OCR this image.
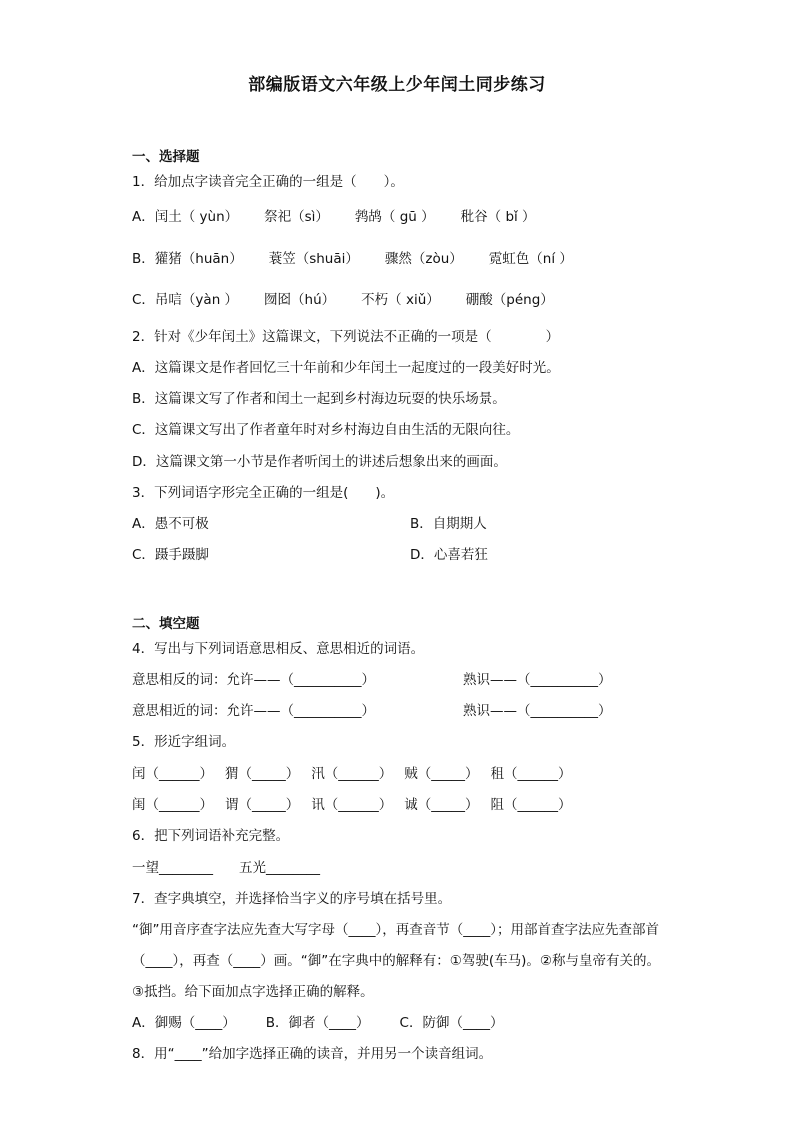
部编版语文六年级上少年闰土同步练习
一、选择题
1．给加点字读音完全正确的一组是（　　）。
A．闰土（ yùn） 祭祀（sì） 鹁鸪（ gū ） 秕谷（ bǐ ）
B．獾猪（huān） 蓑笠（shuāi） 骤然（zòu） 霓虹色（ní ）
C．吊唁（yàn ） 囫囵（hú） 不朽（ xiǔ） 硼酸（péng）
2．针对《少年闰土》这篇课文，下列说法不正确的一项是（　　　　）
A．这篇课文是作者回忆三十年前和少年闰土一起度过的一段美好时光。
B．这篇课文写了作者和闰土一起到乡村海边玩耍的快乐场景。
C．这篇课文写出了作者童年时对乡村海边自由生活的无限向往。
D．这篇课文第一小节是作者听闰土的讲述后想象出来的画面。
3．下列词语字形完全正确的一组是(　　)。
A．愚不可极	B．自期期人
C．蹑手蹑脚	D．心喜若狂
二、填空题
4．写出与下列词语意思相反、意思相近的词语。
意思相反的词：允许——（__________）	熟识——（__________）
意思相近的词：允许——（__________）	熟识——（__________）
5．形近字组词。
闰（______） 猬（_____） 汛（______） 贼（_____） 租（______）
闺（______） 谓（_____） 讯（______） 诚（_____） 阻（______）
6．把下列词语补充完整。
一望________ 五光________
7．查字典填空，并选择恰当字义的序号填在括号里。
“御”用音序查字法应先查大写字母（____），再查音节（____）；用部首查字法应先查部首（____），再查（____）画。“御”在字典中的解释有：①驾驶(车马)。②称与皇帝有关的。③抵挡。给下面加点字选择正确的解释。
A．御赐（____） B．御者（____） C．防御（____）
8．用“____”给加字选择正确的读音，并用另一个读音组词。
